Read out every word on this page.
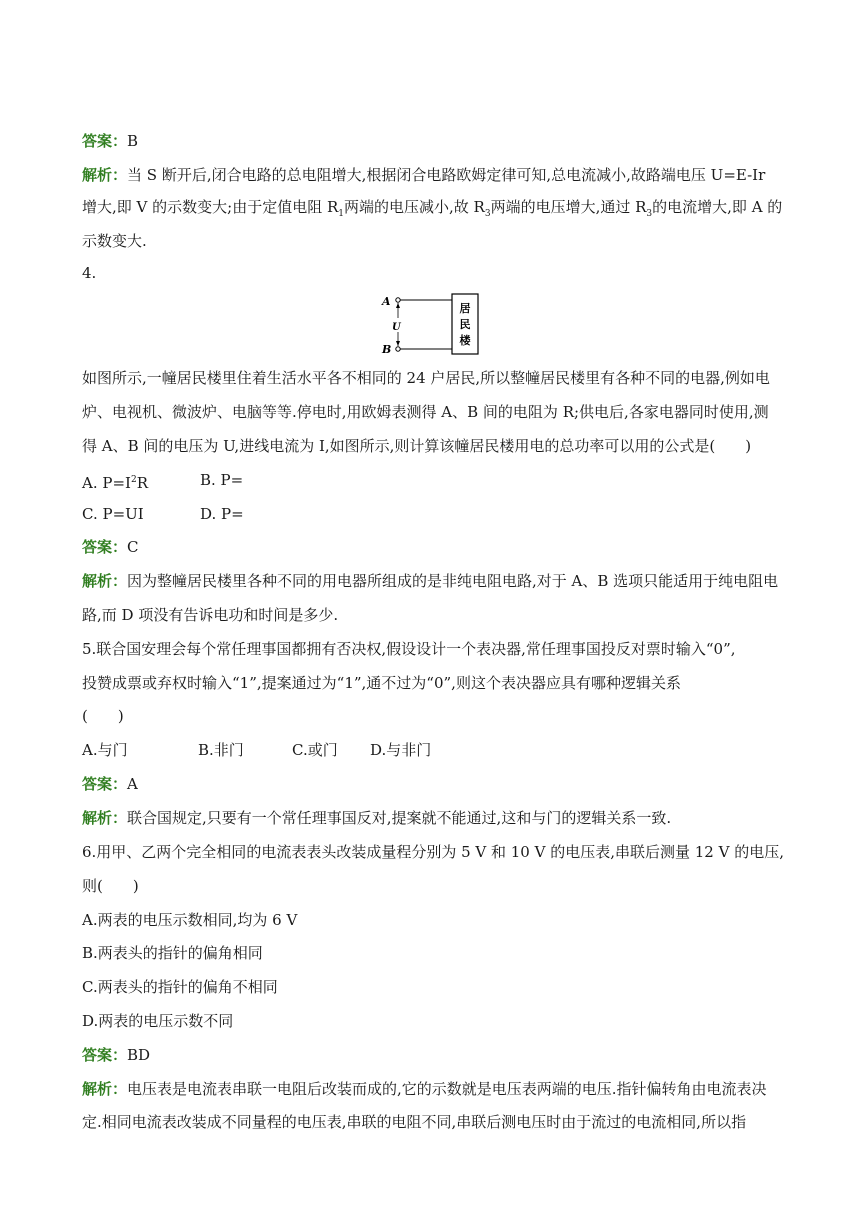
答案：B
解析：当 S 断开后,闭合电路的总电阻增大,根据闭合电路欧姆定律可知,总电流减小,故路端电压 U=E-Ir
增大,即 V 的示数变大;由于定值电阻 $R_1$两端的电压减小,故 $R_3$两端的电压增大,通过 $R_3$的电流增大,即 A 的
示数变大.
4.
A
B
U
居
民
楼
如图所示,一幢居民楼里住着生活水平各不相同的 24 户居民,所以整幢居民楼里有各种不同的电器,例如电
炉、电视机、微波炉、电脑等等.停电时,用欧姆表测得 A、B 间的电阻为 R;供电后,各家电器同时使用,测
得 A、B 间的电压为 U,进线电流为 I,如图所示,则计算该幢居民楼用电的总功率可以用的公式是(　　)
A. $P=I^2R$	B. P=
C. P=UI	D. P=
答案：C
解析：因为整幢居民楼里各种不同的用电器所组成的是非纯电阻电路,对于 A、B 选项只能适用于纯电阻电
路,而 D 项没有告诉电功和时间是多少.
5.联合国安理会每个常任理事国都拥有否决权,假设设计一个表决器,常任理事国投反对票时输入“0”,
投赞成票或弃权时输入“1”,提案通过为“1”,通不过为“0”,则这个表决器应具有哪种逻辑关系
(　　)
A.与门	B.非门	C.或门 D.与非门
答案：A
解析：联合国规定,只要有一个常任理事国反对,提案就不能通过,这和与门的逻辑关系一致.
6.用甲、乙两个完全相同的电流表表头改装成量程分别为 5 V 和 10 V 的电压表,串联后测量 12 V 的电压,
则(　　)
A.两表的电压示数相同,均为 6 V
B.两表头的指针的偏角相同
C.两表头的指针的偏角不相同
D.两表的电压示数不同
答案：BD
解析：电压表是电流表串联一电阻后改装而成的,它的示数就是电压表两端的电压.指针偏转角由电流表决
定.相同电流表改装成不同量程的电压表,串联的电阻不同,串联后测电压时由于流过的电流相同,所以指
